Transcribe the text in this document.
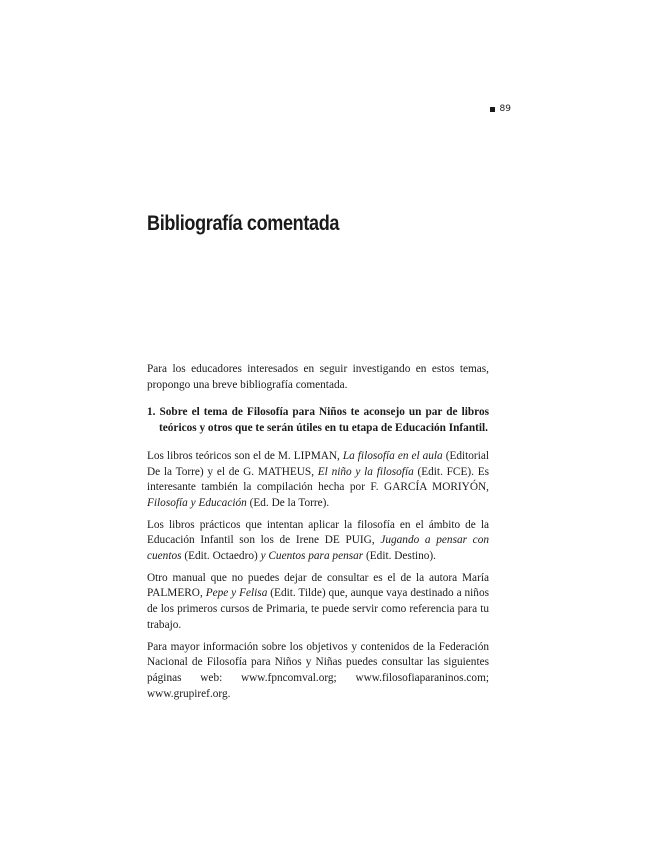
89
Bibliografía comentada

Para los educadores interesados en seguir investigando en estos temas, propongo una breve bibliografía comentada.

1. Sobre el tema de Filosofía para Niños te aconsejo un par de libros teóricos y otros que te serán útiles en tu etapa de Educación Infantil.

Los libros teóricos son el de M. LIPMAN, La filosofía en el aula (Editorial De la Torre) y el de G. MATHEUS, El niño y la filosofía (Edit. FCE). Es interesante también la compilación hecha por F. GARCÍA MORIYÓN, Filosofía y Educación (Ed. De la Torre).

Los libros prácticos que intentan aplicar la filosofía en el ámbito de la Educación Infantil son los de Irene DE PUIG, Jugando a pensar con cuentos (Edit. Octaedro) y Cuentos para pensar (Edit. Destino).

Otro manual que no puedes dejar de consultar es el de la autora María PALMERO, Pepe y Felisa (Edit. Tilde) que, aunque vaya destinado a niños de los primeros cursos de Primaria, te puede servir como referencia para tu trabajo.

Para mayor información sobre los objetivos y contenidos de la Federación Nacional de Filosofía para Niños y Niñas puedes consultar las siguientes páginas web: www.fpncomval.org; www.filosofiaparaninos.com; www.grupiref.org.
